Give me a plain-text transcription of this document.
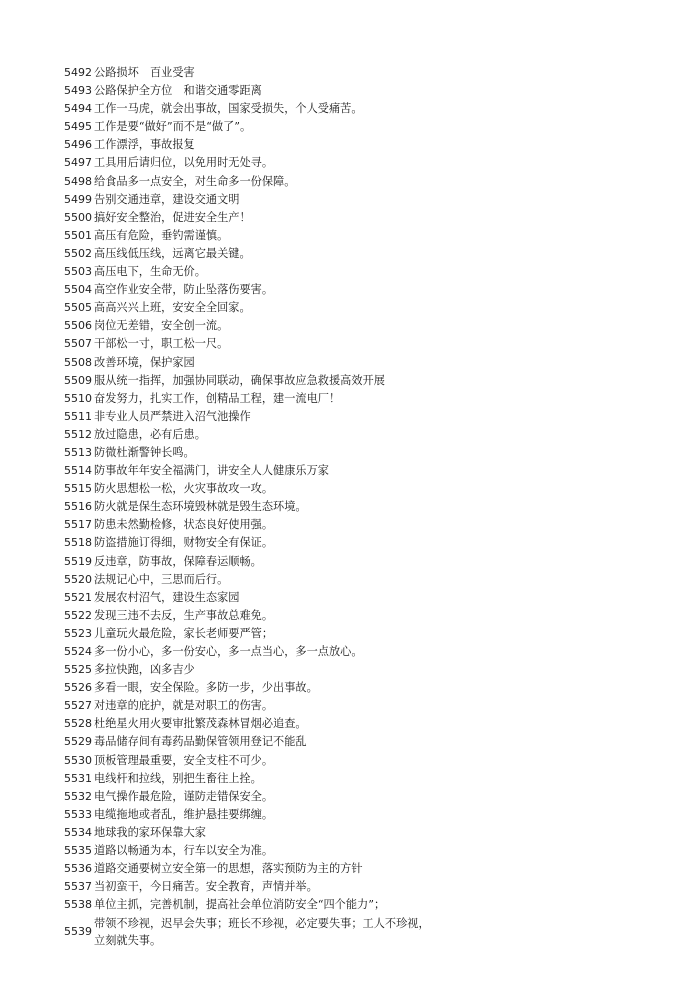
5492 公路损坏　百业受害
5493 公路保护全方位　和谐交通零距离
5494 工作一马虎，就会出事故，国家受损失，个人受痛苦。
5495 工作是要“做好”而不是“做了”。
5496 工作漂浮，事故报复
5497 工具用后请归位，以免用时无处寻。
5498 给食品多一点安全，对生命多一份保障。
5499 告别交通违章，建设交通文明
5500 搞好安全整治，促进安全生产！
5501 高压有危险，垂钓需谨慎。
5502 高压线低压线，远离它最关键。
5503 高压电下，生命无价。
5504 高空作业安全带，防止坠落伤要害。
5505 高高兴兴上班，安安全全回家。
5506 岗位无差错，安全创一流。
5507 干部松一寸，职工松一尺。
5508 改善环境，保护家园
5509 服从统一指挥，加强协同联动，确保事故应急救援高效开展
5510 奋发努力，扎实工作，创精品工程，建一流电厂！
5511 非专业人员严禁进入沼气池操作
5512 放过隐患，必有后患。
5513 防微杜渐警钟长鸣。
5514 防事故年年安全福满门，讲安全人人健康乐万家
5515 防火思想松一松，火灾事故攻一攻。
5516 防火就是保生态环境毁林就是毁生态环境。
5517 防患未然勤检修，状态良好使用强。
5518 防盗措施订得细，财物安全有保证。
5519 反违章，防事故，保障春运顺畅。
5520 法规记心中，三思而后行。
5521 发展农村沼气，建设生态家园
5522 发现三违不去反，生产事故总难免。
5523 儿童玩火最危险，家长老师要严管；
5524 多一份小心，多一份安心，多一点当心，多一点放心。
5525 多拉快跑，凶多吉少
5526 多看一眼，安全保险。多防一步，少出事故。
5527 对违章的庇护，就是对职工的伤害。
5528 杜绝星火用火要审批繁茂森林冒烟必追查。
5529 毒品储存间有毒药品勤保管领用登记不能乱
5530 顶板管理最重要，安全支柱不可少。
5531 电线杆和拉线，别把生畜往上拴。
5532 电气操作最危险，谨防走错保安全。
5533 电缆拖地或者乱，维护悬挂要绑缠。
5534 地球我的家环保靠大家
5535 道路以畅通为本，行车以安全为准。
5536 道路交通要树立安全第一的思想，落实预防为主的方针
5537 当初蛮干，今日痛苦。安全教育，声情并举。
5538 单位主抓，完善机制，提高社会单位消防安全“四个能力”；
5539
带领不珍视，迟早会失事；班长不珍视，必定要失事；工人不珍视，
立刻就失事。
